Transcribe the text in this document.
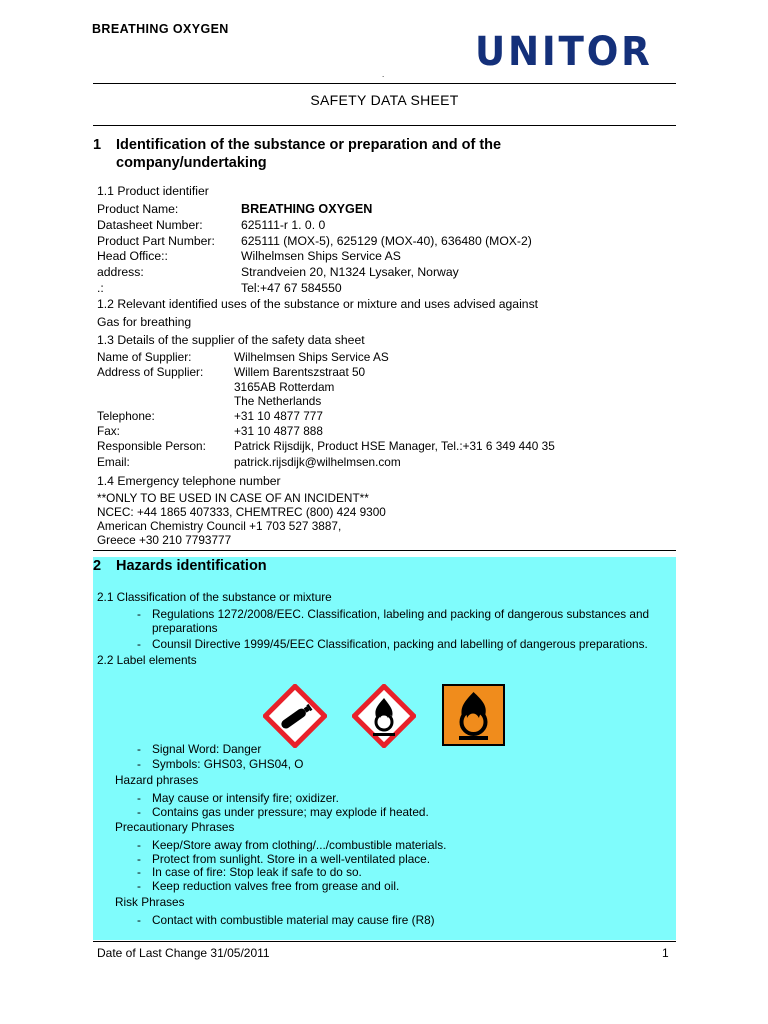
BREATHING OXYGEN	UNITOR
.
SAFETY DATA SHEET
1 Identification of the substance or preparation and of the
company/undertaking
1.1 Product identifier
Product Name:	BREATHING OXYGEN
Datasheet Number:	625111-r 1. 0. 0
Product Part Number: 625111 (MOX-5), 625129 (MOX-40), 636480 (MOX-2)
Head Office::	Wilhelmsen Ships Service AS
address:	Strandveien 20, N1324 Lysaker, Norway
.:	Tel:+47 67 584550
1.2 Relevant identified uses of the substance or mixture and uses advised against
Gas for breathing
1.3 Details of the supplier of the safety data sheet
Name of Supplier:	Wilhelmsen Ships Service AS
Address of Supplier:	Willem Barentszstraat 50
3165AB Rotterdam
The Netherlands
Telephone:	+31 10 4877 777
Fax:	+31 10 4877 888
Responsible Person: Patrick Rijsdijk, Product HSE Manager, Tel.:+31 6 349 440 35
Email:	patrick.rijsdijk@wilhelmsen.com
1.4 Emergency telephone number
**ONLY TO BE USED IN CASE OF AN INCIDENT**
NCEC: +44 1865 407333, CHEMTREC (800) 424 9300
American Chemistry Council +1 703 527 3887,
Greece +30 210 7793777
2 Hazards identification
2.1 Classification of the substance or mixture
- Regulations 1272/2008/EEC. Classification, labeling and packing of dangerous substances and preparations
- Counsil Directive 1999/45/EEC Classification, packing and labelling of dangerous preparations.
2.2 Label elements
- Signal Word: Danger
- Symbols: GHS03, GHS04, O
Hazard phrases
- May cause or intensify fire; oxidizer.
- Contains gas under pressure; may explode if heated.
Precautionary Phrases
- Keep/Store away from clothing/.../combustible materials.
- Protect from sunlight. Store in a well-ventilated place.
- In case of fire: Stop leak if safe to do so.
- Keep reduction valves free from grease and oil.
Risk Phrases
- Contact with combustible material may cause fire (R8)
Date of Last Change 31/05/2011	1
